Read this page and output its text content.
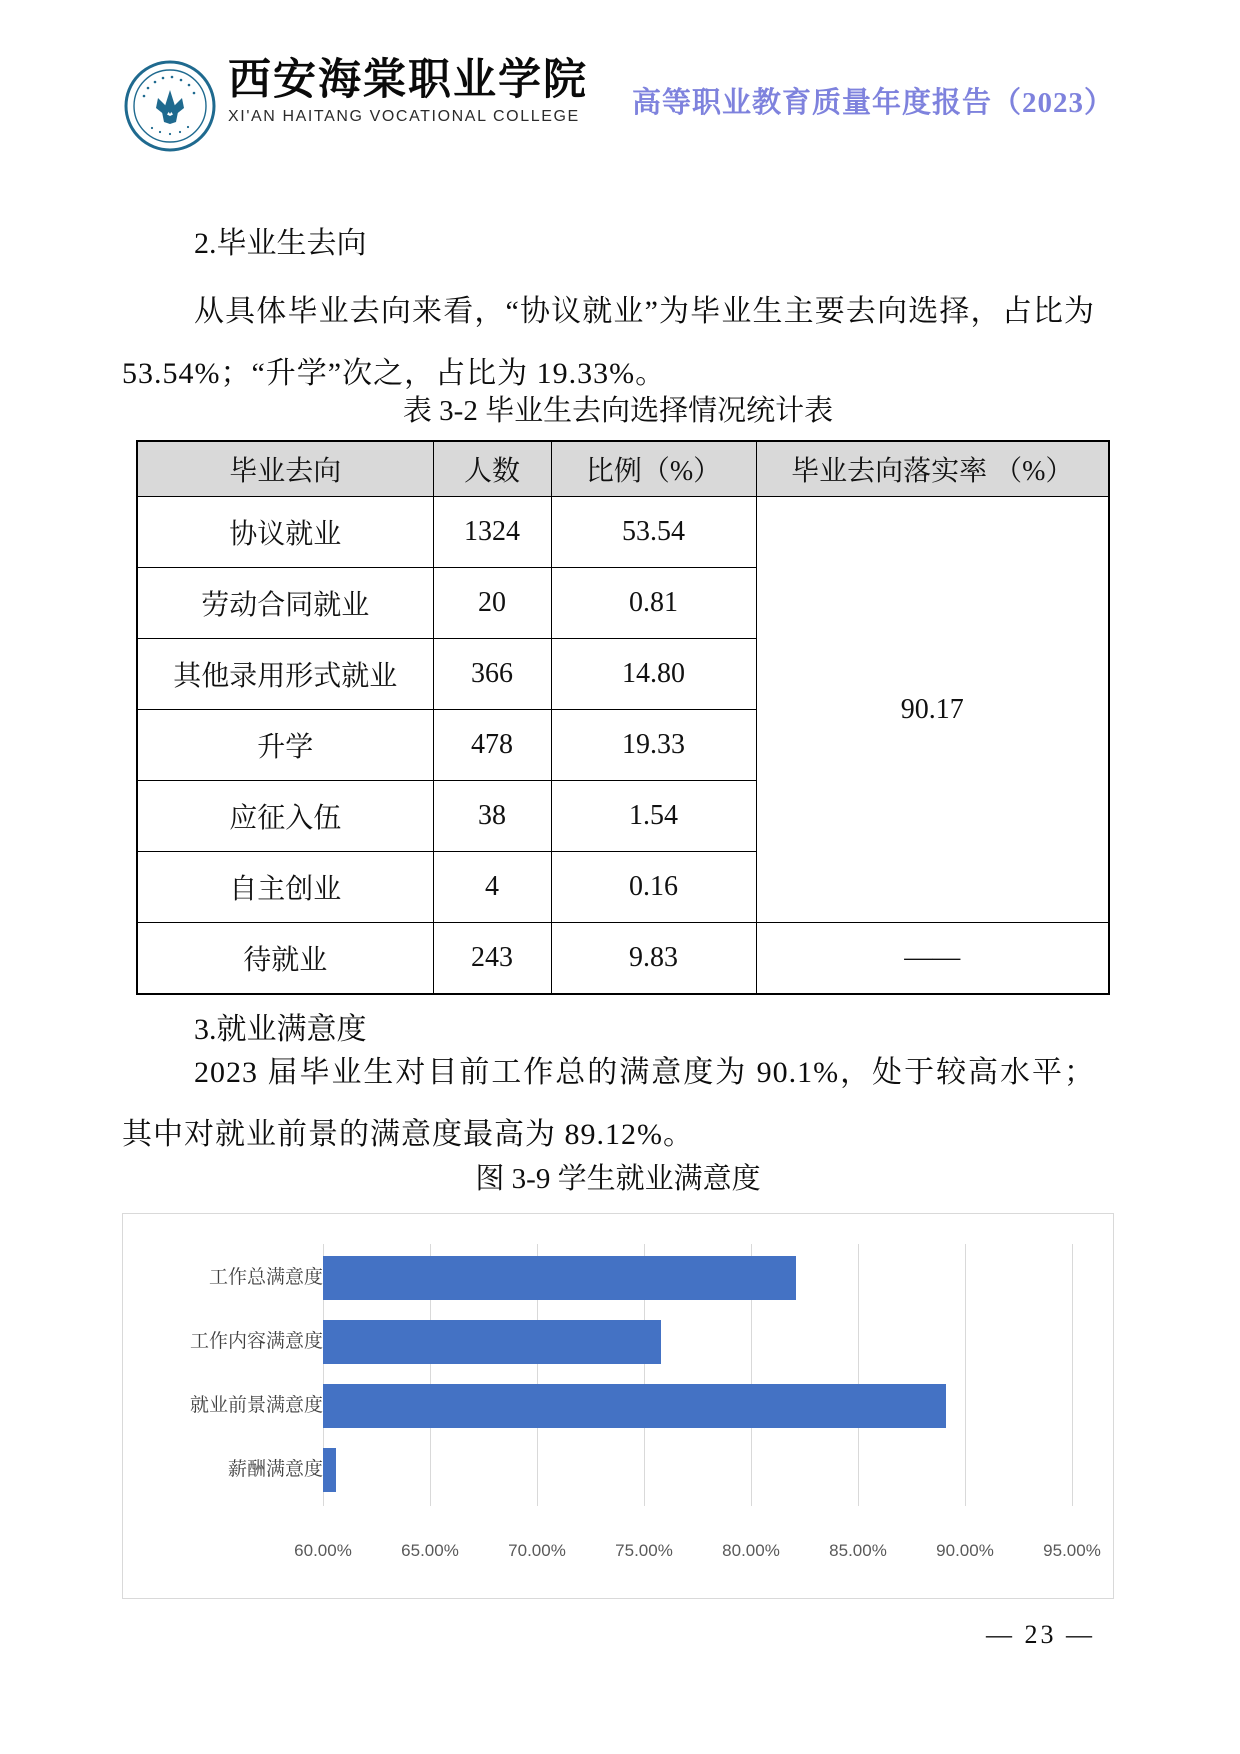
西安海棠职业学院
XI'AN HAITANG VOCATIONAL COLLEGE 高等职业教育质量年度报告（2023）
2.毕业生去向
从具体毕业去向来看，“协议就业”为毕业生主要去向选择，占比为 53.54%；“升学”次之，占比为 19.33%。
表 3-2 毕业生去向选择情况统计表
毕业去向	人数	比例（%）	毕业去向落实率 （%）
协议就业	1324	53.54	90.17
劳动合同就业	20	0.81	
其他录用形式就业	366	14.80	
升学	478	19.33	
应征入伍	38	1.54	
自主创业	4	0.16	
待就业	243	9.83	——
3.就业满意度
2023 届毕业生对目前工作总的满意度为 90.1%，处于较高水平；其中对就业前景的满意度最高为 89.12%。
图 3-9 学生就业满意度
60.00%	65.00%	70.00%	75.00%	80.00%	85.00%	90.00%	95.00%
工作总满意度
工作内容满意度
就业前景满意度
薪酬满意度
— 23 —
